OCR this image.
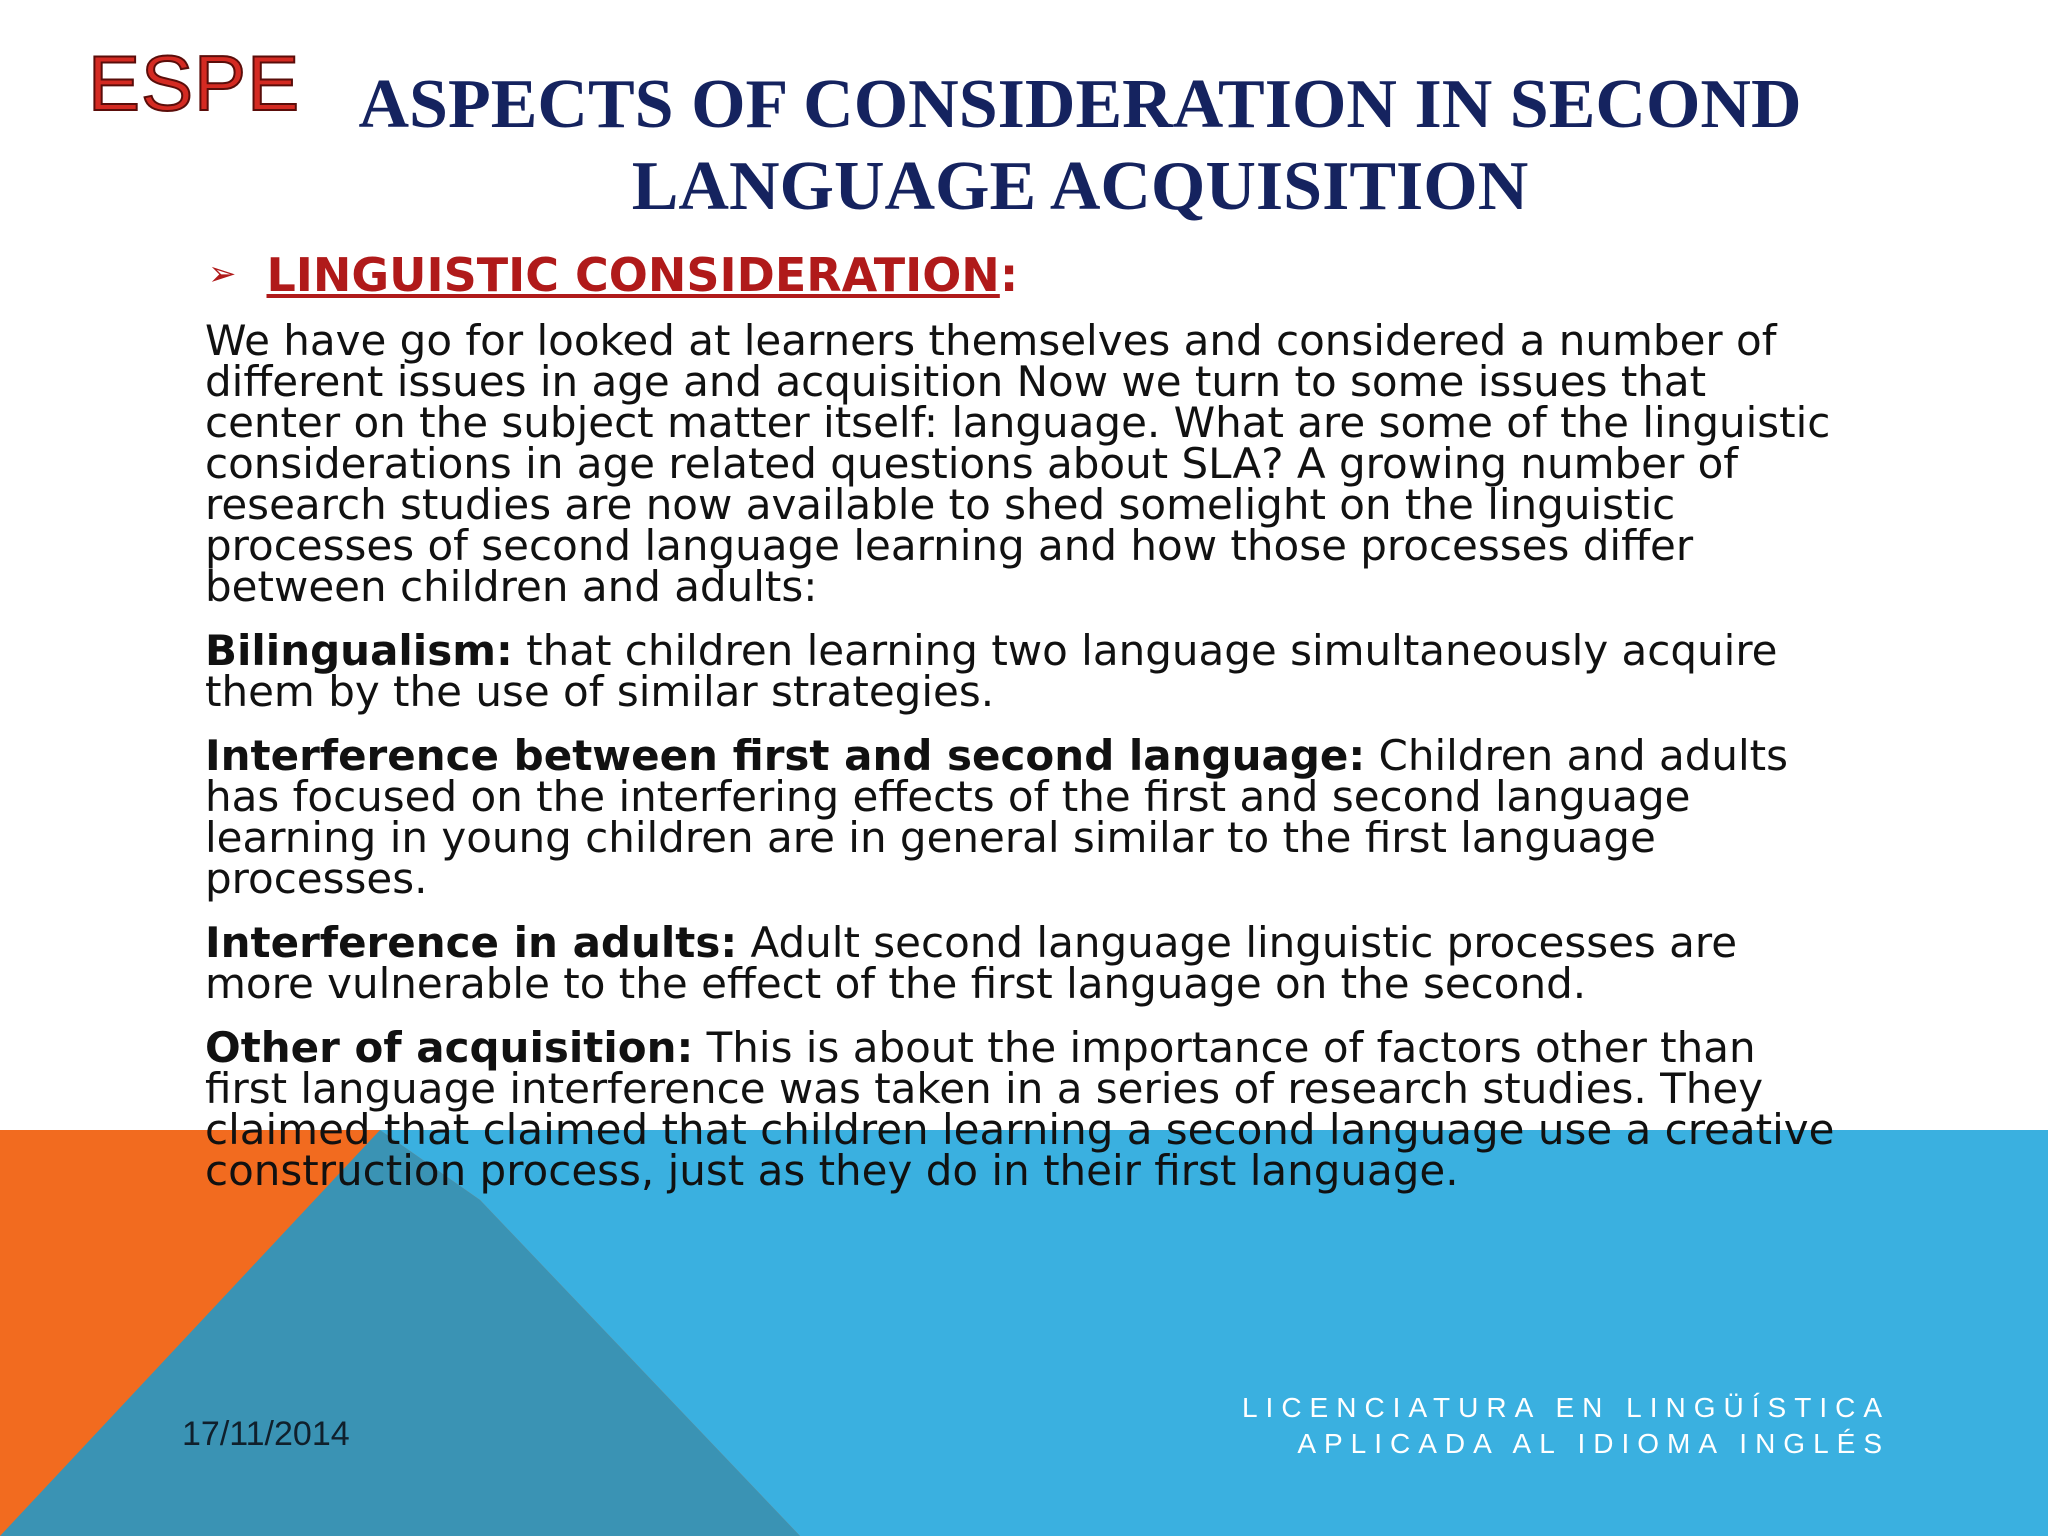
ESPE ASPECTS OF CONSIDERATION IN SECOND LANGUAGE ACQUISITION
➢ LINGUISTIC CONSIDERATION:

We have go for looked at learners themselves and considered a number of different issues in age and acquisition Now we turn to some issues that center on the subject matter itself: language. What are some of the linguistic considerations in age related questions about SLA? A growing number of research studies are now available to shed somelight on the linguistic processes of second language learning and how those processes differ between children and adults:

Bilingualism: that children learning two language simultaneously acquire them by the use of similar strategies.

Interference between first and second language: Children and adults has focused on the interfering effects of the first and second language learning in young children are in general similar to the first language processes.

Interference in adults: Adult second language linguistic processes are more vulnerable to the effect of the first language on the second.

Other of acquisition: This is about the importance of factors other than first language interference was taken in a series of research studies. They claimed that claimed that children learning a second language use a creative construction process, just as they do in their first language.

17/11/2014
LICENCIATURA EN LINGÜÍSTICA
APLICADA AL IDIOMA INGLÉS
